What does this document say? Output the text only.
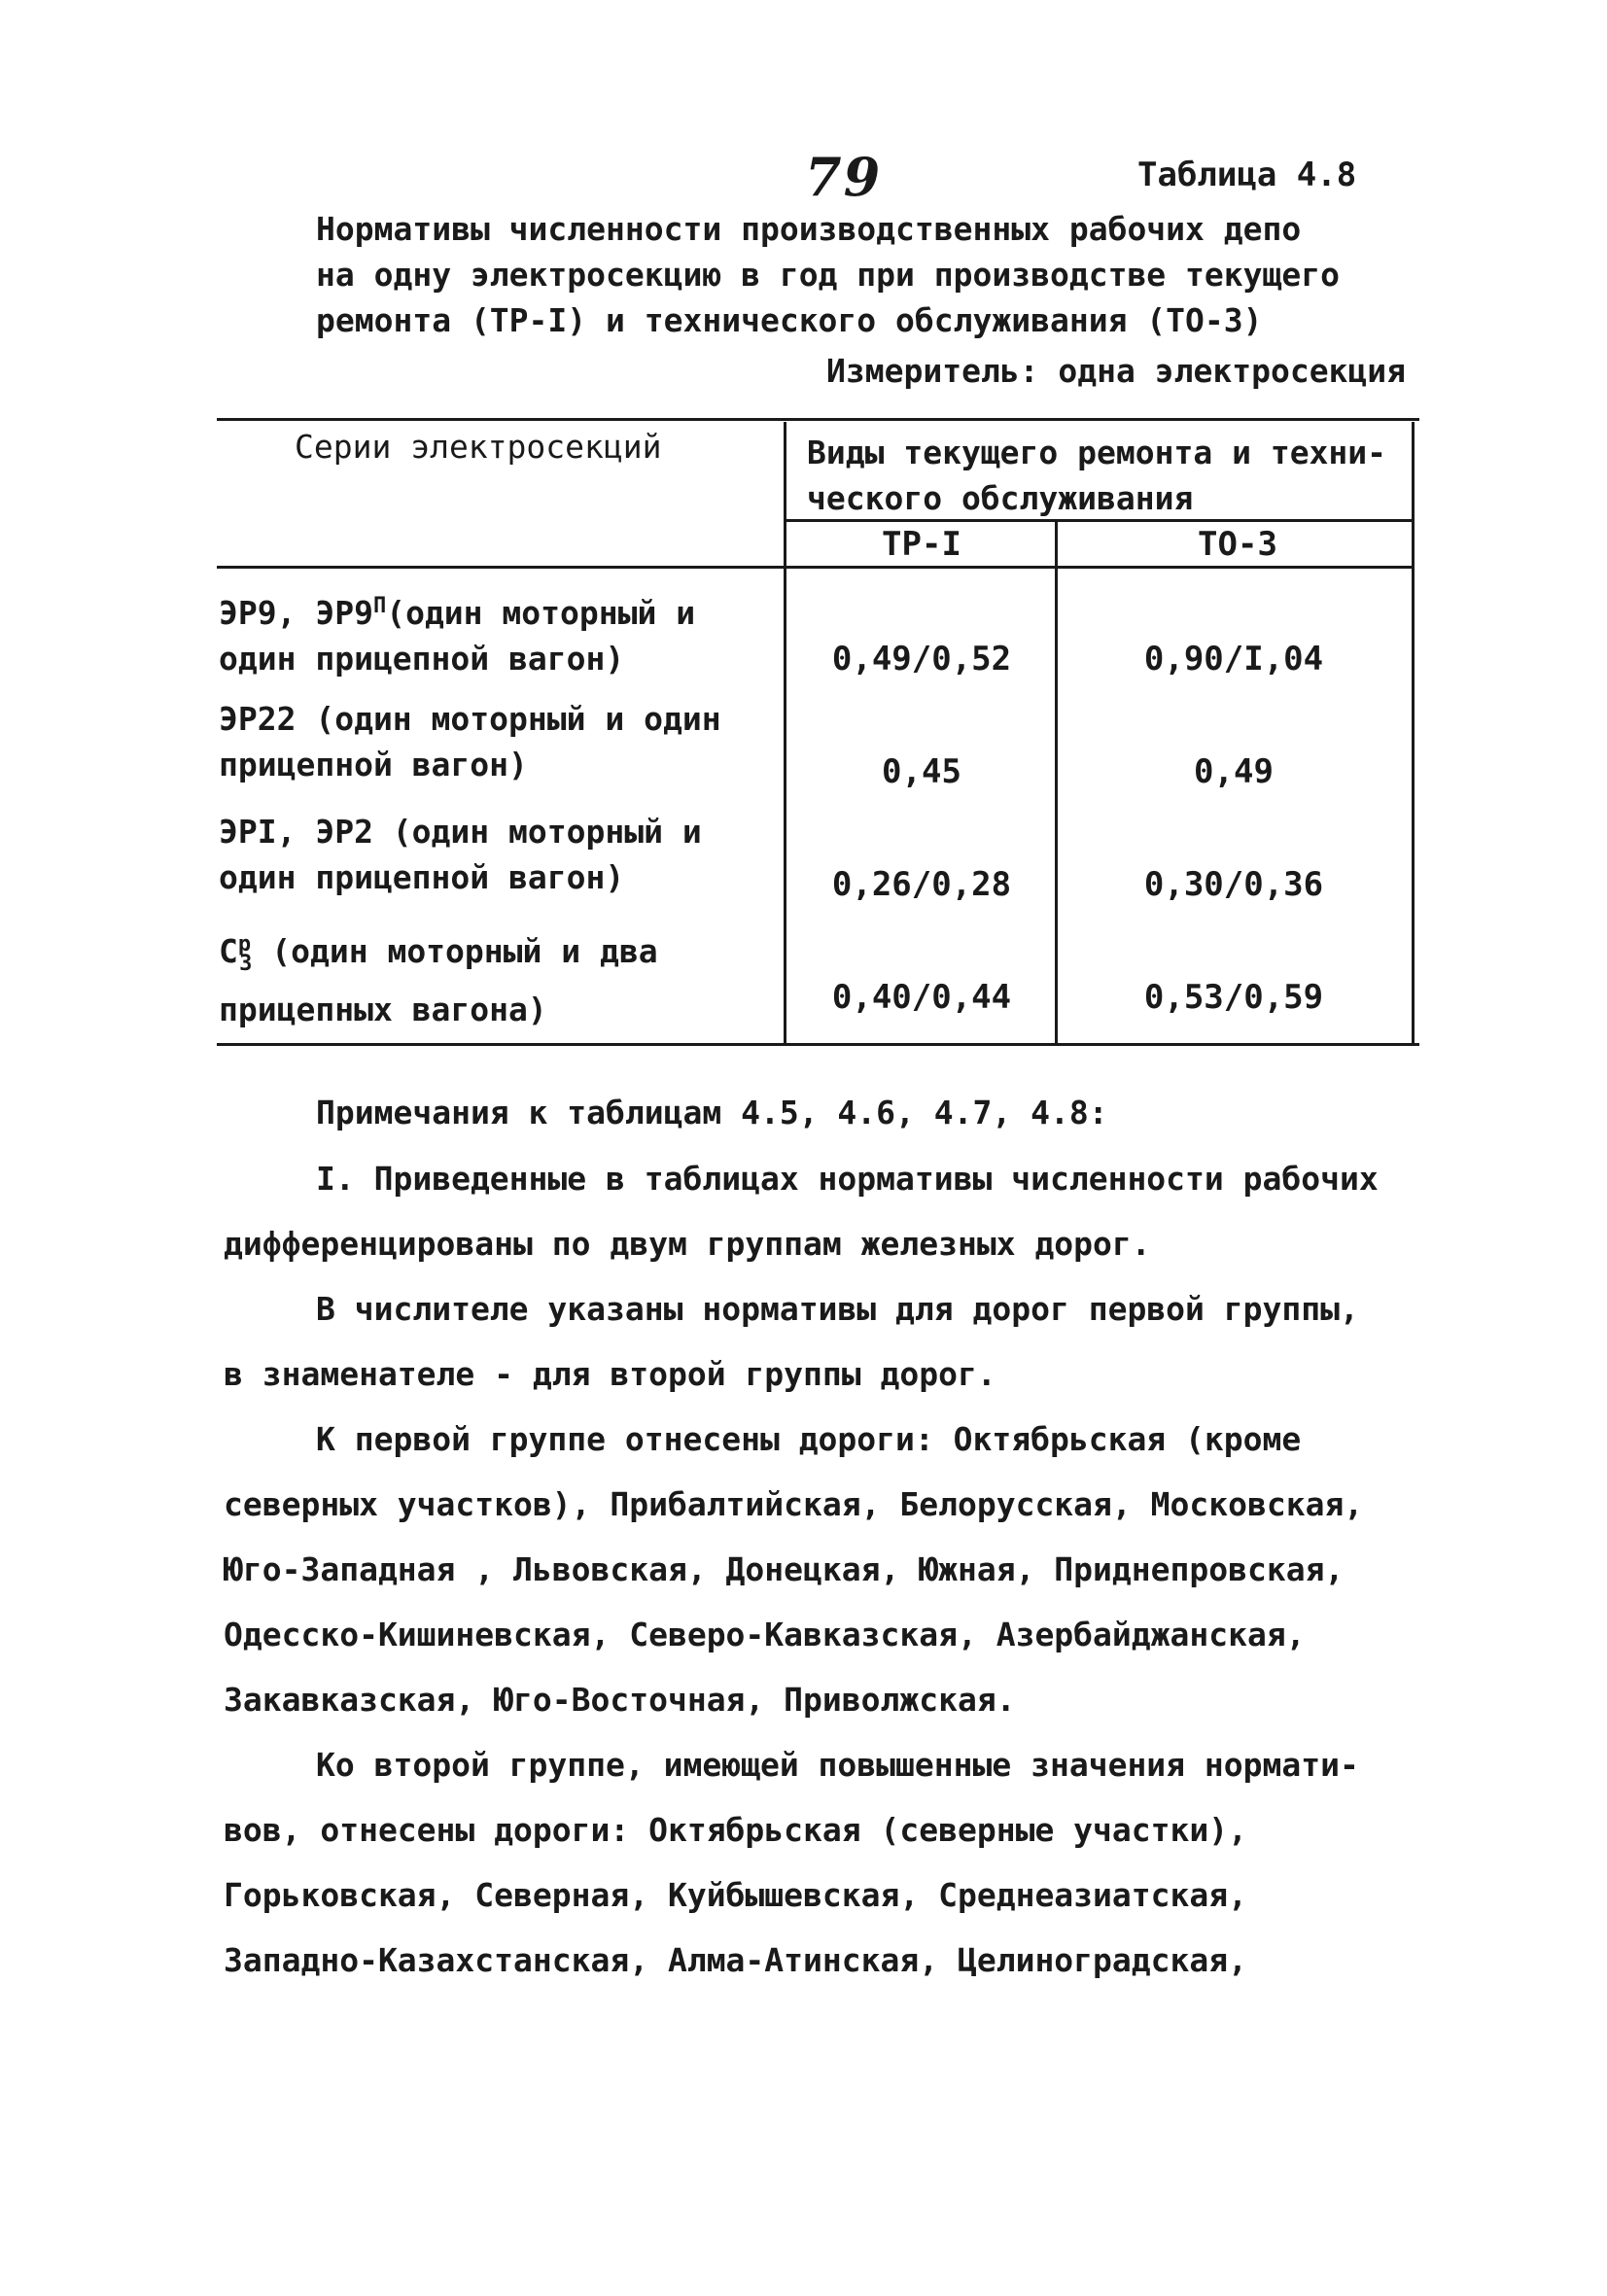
79	Таблица 4.8
Нормативы численности производственных рабочих депо
на одну электросекцию в год при производстве текущего
ремонта (ТР-I) и технического обслуживания (ТО-3)
Измеритель: одна электросекция
Серии электросекций	Виды текущего ремонта и техни-
ческого обслуживания
ТР-I	ТО-3
ЭР9, $ЭР9^П(один$ моторный и
один прицепной вагон)	0,49/0,52	0,90/I,04
ЭР22 (один моторный и один
прицепной вагон)	0,45	0,49
ЭРI, ЭР2 (один моторный и
один прицепной вагон)	0,26/0,28	0,30/0,36
$С^р_3$ (один моторный и два
прицепных вагона)	0,40/0,44	0,53/0,59
Примечания к таблицам 4.5, 4.6, 4.7, 4.8:
I. Приведенные в таблицах нормативы численности рабочих
дифференцированы по двум группам железных дорог.
В числителе указаны нормативы для дорог первой группы,
в знаменателе - для второй группы дорог.
К первой группе отнесены дороги: Октябрьская (кроме
северных участков), Прибалтийская, Белорусская, Московская,
Юго-Западная , Львовская, Донецкая, Южная, Приднепровская,
Одесско-Кишиневская, Северо-Кавказская, Азербайджанская,
Закавказская, Юго-Восточная, Приволжская.
Ко второй группе, имеющей повышенные значения нормати-
вов, отнесены дороги: Октябрьская (северные участки),
Горьковская, Северная, Куйбышевская, Среднеазиатская,
Западно-Казахстанская, Алма-Атинская, Целиноградская,
